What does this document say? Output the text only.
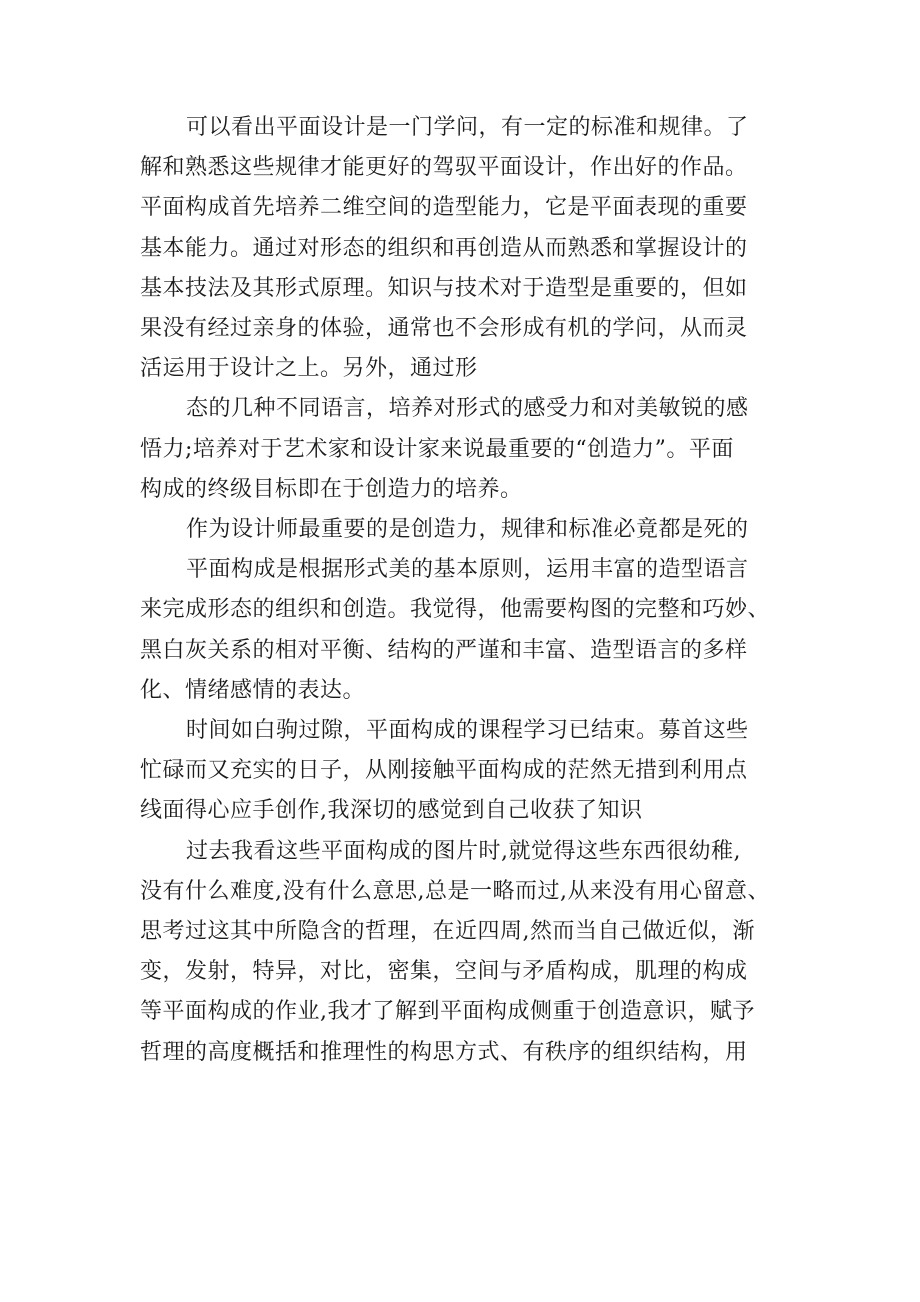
可以看出平面设计是一门学问，有一定的标准和规律。了
解和熟悉这些规律才能更好的驾驭平面设计，作出好的作品。
平面构成首先培养二维空间的造型能力，它是平面表现的重要
基本能力。通过对形态的组织和再创造从而熟悉和掌握设计的
基本技法及其形式原理。知识与技术对于造型是重要的，但如
果没有经过亲身的体验，通常也不会形成有机的学问，从而灵
活运用于设计之上。另外，通过形
态的几种不同语言，培养对形式的感受力和对美敏锐的感
悟力;培养对于艺术家和设计家来说最重要的“创造力”。平面
构成的终级目标即在于创造力的培养。
作为设计师最重要的是创造力，规律和标准必竟都是死的
平面构成是根据形式美的基本原则，运用丰富的造型语言
来完成形态的组织和创造。我觉得，他需要构图的完整和巧妙、
黑白灰关系的相对平衡、结构的严谨和丰富、造型语言的多样
化、情绪感情的表达。
时间如白驹过隙，平面构成的课程学习已结束。募首这些
忙碌而又充实的日子，从刚接触平面构成的茫然无措到利用点
线面得心应手创作,我深切的感觉到自己收获了知识
过去我看这些平面构成的图片时,就觉得这些东西很幼稚,
没有什么难度,没有什么意思,总是一略而过,从来没有用心留意、
思考过这其中所隐含的哲理，在近四周,然而当自己做近似，渐
变，发射，特异，对比，密集，空间与矛盾构成，肌理的构成
等平面构成的作业,我才了解到平面构成侧重于创造意识，赋予
哲理的高度概括和推理性的构思方式、有秩序的组织结构，用
